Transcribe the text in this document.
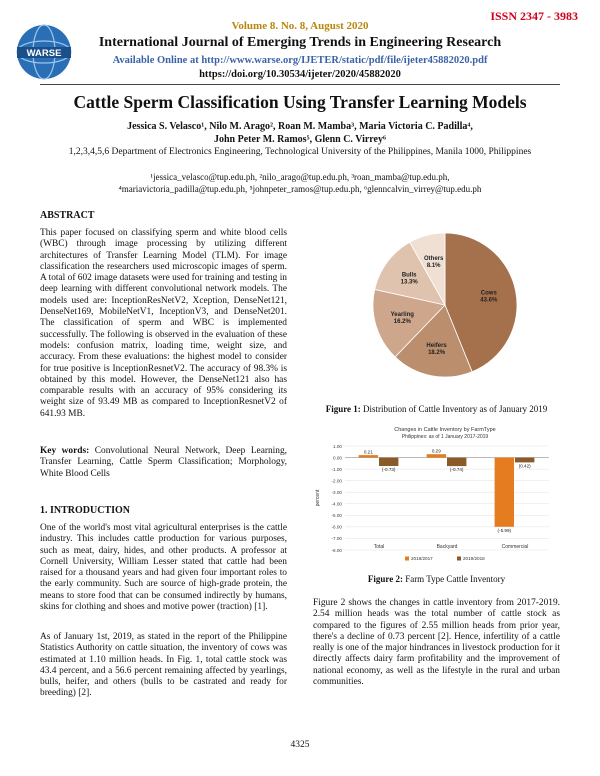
ISSN 2347 - 3983
WARSE
Volume 8. No. 8, August 2020
International Journal of Emerging Trends in Engineering Research
Available Online at http://www.warse.org/IJETER/static/pdf/file/ijeter45882020.pdf
https://doi.org/10.30534/ijeter/2020/45882020
Cattle Sperm Classification Using Transfer Learning Models
Jessica S. Velasco¹, Nilo M. Arago², Roan M. Mamba³, Maria Victoria C. Padilla⁴,
John Peter M. Ramos⁵, Glenn C. Virrey⁶
1,2,3,4,5,6 Department of Electronics Engineering, Technological University of the Philippines, Manila 1000, Philippines
¹jessica_velasco@tup.edu.ph, ²nilo_arago@tup.edu.ph, ³roan_mamba@tup.edu.ph,
⁴mariavictoria_padilla@tup.edu.ph, ⁵johnpeter_ramos@tup.edu.ph, ⁶glenncalvin_virrey@tup.edu.ph
ABSTRACT

This paper focused on classifying sperm and white blood cells (WBC) through image processing by utilizing different architectures of Transfer Learning Model (TLM). For image classification the researchers used microscopic images of sperm. A total of 602 image datasets were used for training and testing in deep learning with different convolutional network models. The models used are: InceptionResNetV2, Xception, DenseNet121, DenseNet169, MobileNetV1, InceptionV3, and DenseNet201. The classification of sperm and WBC is implemented successfully. The following is observed in the evaluation of these models: confusion matrix, loading time, weight size, and accuracy. From these evaluations: the highest model to consider for true positive is InceptionResnetV2. The accuracy of 98.3% is obtained by this model. However, the DenseNet121 also has comparable results with an accuracy of 95% considering its weight size of 93.49 MB as compared to InceptionResnetV2 of 641.93 MB.

Key words: Convolutional Neural Network, Deep Learning, Transfer Learning, Cattle Sperm Classification; Morphology, White Blood Cells
1. INTRODUCTION

One of the world's most vital agricultural enterprises is the cattle industry. This includes cattle production for various purposes, such as meat, dairy, hides, and other products. A professor at Cornell University, William Lesser stated that cattle had been raised for a thousand years and had given four important roles to the early community. Such are source of high-grade protein, the means to store food that can be consumed indirectly by humans, skins for clothing and shoes and motive power (traction) [1].

As of January 1st, 2019, as stated in the report of the Philippine Statistics Authority on cattle situation, the inventory of cows was estimated at 1.10 million heads. In Fig. 1, total cattle stock was 43.4 percent, and a 56.6 percent remaining affected by yearlings, bulls, heifer, and others (bulls to be castrated and ready for breeding) [2].

Cows 43.6%
Heifers 18.2%
Yearling 16.2%
Bulls 13.3%
Others 8.1%
Figure 1: Distribution of Cattle Inventory as of January 2019
Changes in Cattle Inventory by FarmType
Philippines: as of 1 January 2017-2019
percent
1.00
0.00
-1.00
-2.00
-3.00
-4.00
-5.00
-6.00
-7.00
-8.00
Total	Backyard	Commercial
0.21
(-0.73)
0.29
(-0.74)
(-5.99)
(0.42)
2018/2017	2019/2018
Figure 2: Farm Type Cattle Inventory

Figure 2 shows the changes in cattle inventory from 2017-2019. 2.54 million heads was the total number of cattle stock as compared to the figures of 2.55 million heads from prior year, there's a decline of 0.73 percent [2]. Hence, infertility of a cattle really is one of the major hindrances in livestock production for it directly affects dairy farm profitability and the improvement of national economy, as well as the lifestyle in the rural and urban communities.

4325
